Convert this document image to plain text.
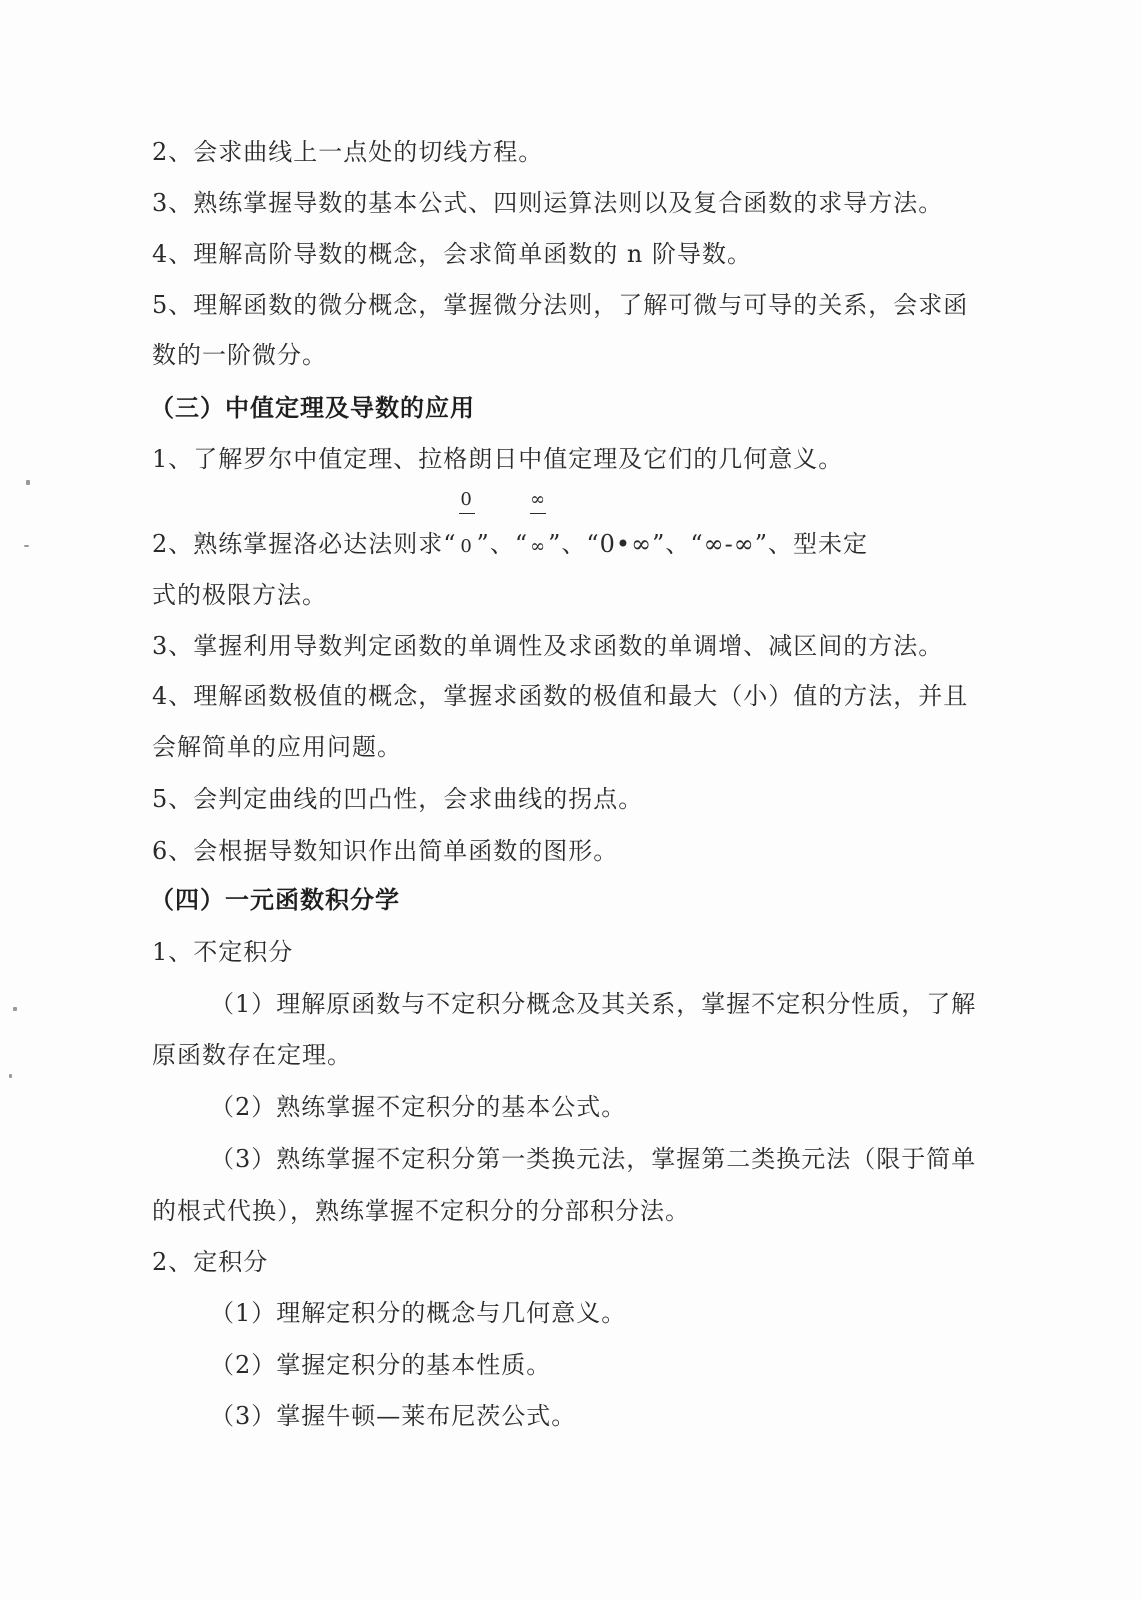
2、会求曲线上一点处的切线方程。
3、熟练掌握导数的基本公式、四则运算法则以及复合函数的求导方法。
4、理解高阶导数的概念，会求简单函数的 n 阶导数。
5、理解函数的微分概念，掌握微分法则，了解可微与可导的关系，会求函
数的一阶微分。
（三）中值定理及导数的应用
1、了解罗尔中值定理、拉格朗日中值定理及它们的几何意义。
2、熟练掌握洛必达法则求“ $\frac{0}{0}$”、“ $\frac{\infty}{\infty}$”、“0•∞”、“∞-∞”、型未定
式的极限方法。
3、掌握利用导数判定函数的单调性及求函数的单调增、减区间的方法。
4、理解函数极值的概念，掌握求函数的极值和最大（小）值的方法，并且
会解简单的应用问题。
5、会判定曲线的凹凸性，会求曲线的拐点。
6、会根据导数知识作出简单函数的图形。
（四）一元函数积分学
1、不定积分
（1）理解原函数与不定积分概念及其关系，掌握不定积分性质，了解
原函数存在定理。
（2）熟练掌握不定积分的基本公式。
（3）熟练掌握不定积分第一类换元法，掌握第二类换元法（限于简单
的根式代换），熟练掌握不定积分的分部积分法。
2、定积分
（1）理解定积分的概念与几何意义。
（2）掌握定积分的基本性质。
（3）掌握牛顿—莱布尼茨公式。
